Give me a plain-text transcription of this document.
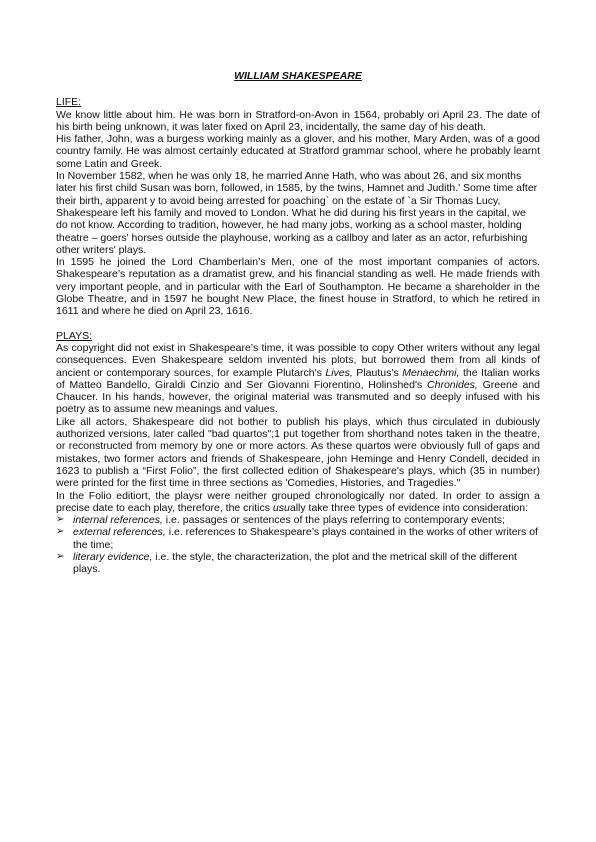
WILLIAM SHAKESPEARE

LIFE:

We know little about him. He was born in Stratford-on-Avon in 1564, probably ori April 23. The date of his birth being unknown, it was later fixed on April 23, incidentally, the same day of his death.

His father, John, was a burgess working mainly as a glover, and his mother, Mary Arden, was of a good country family. He was almost certainly educated at Stratford grammar school, where he probably learnt some Latin and Greek.

In November 1582, when he was only 18, he married Anne Hath, who was about 26, and six months later his first child Susan was born, followed, in 1585, by the twins, Hamnet and Judith.' Some time after their birth, apparent y to avoid being arrested for poaching` on the estate of `a Sir Thomas Lucy, Shakespeare left his family and moved to London. What he did during his first years in the capital, we do not know. According to tradition, however, he had many jobs, working as a school master, holding theatre – goers' horses outside the playhouse, working as a callboy and later as an actor, refurbishing other writers' plays.

In 1595 he joined the Lord Chamberlain’s Men, one of the most important companies of actors. Shakespeare’s reputation as a dramatist grew, and his financial standing as well. He made friends with very important people, and in particular with the Earl of Southampton. He became a shareholder in the Globe Theatre, and in 1597 he bought New Place, the finest house in Stratford, to which he retired in 1611 and where he died on April 23, 1616.

PLAYS:

As copyright did not exist in Shakespeare’s time, it was possible to copy Other writers without any legal consequences. Even Shakespeare seldom invented his plots, but borrowed them from all kinds of ancient or contemporary sources, for example Plutarch's Lives, Plautus’s Menaechmi, the Italian works of Matteo Bandello, Giraldi Cinzio and Ser Giovanni Fiorentino, Holinshed's Chronides, Greene and Chaucer. In his hands, however, the original material was transmuted and so deeply infused with his poetry as to assume new meanings and values.

Like all actors, Shakespeare did not bother to publish his plays, which thus circulated in dubiously authorized versions, later called "bad quartos";1 put together from shorthand notes taken in the theatre, or reconstructed from memory by one or more actors. As these quartos were obviously full of gaps and mistakes, two former actors and friends of Shakespeare, john Heminge and Henry Condell, decided in 1623 to publish a “First Folio”, the first collected edition of Shakespeare's plays, which (35 in number) were printed for the first time in three sections as 'Comedies, Histories, and Tragedies."

In the Folio editiort, the playsr were neither grouped chronologically nor dated. In order to assign a precise date to each play, therefore, the critics usually take three types of evidence into consideration:

➢ internal references, i.e. passages or sentences of the plays referring to contemporary events;
➢ external references, i.e. references to Shakespeare’s plays contained in the works of other writers of the time;
➢ literary evidence, i.e. the style, the characterization, the plot and the metrical skill of the different plays.
